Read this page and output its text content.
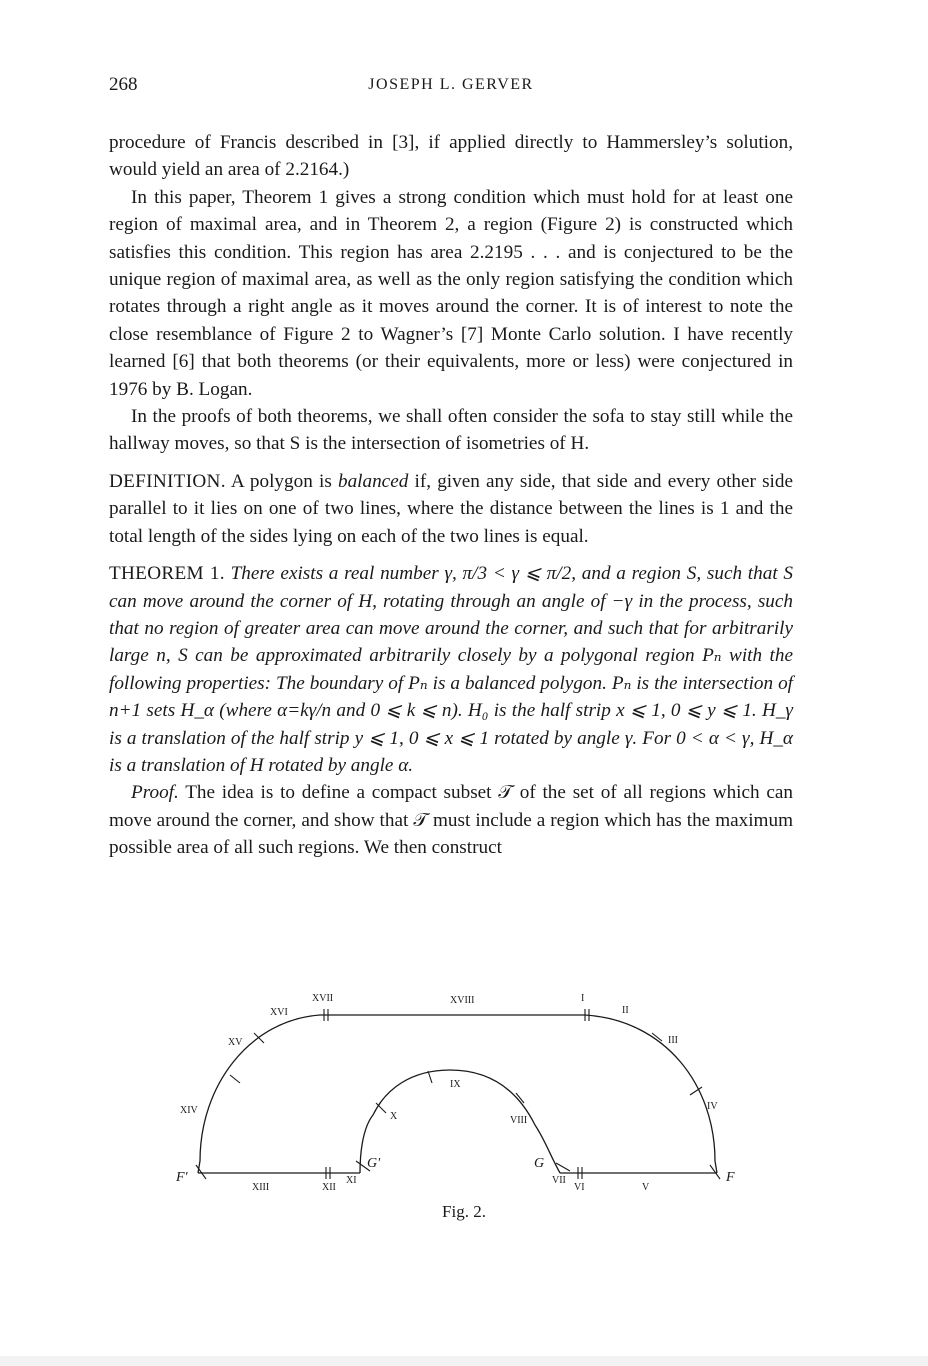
268	JOSEPH L. GERVER

procedure of Francis described in [3], if applied directly to Hammersley’s solution, would yield an area of 2.2164.)

In this paper, Theorem 1 gives a strong condition which must hold for at least one region of maximal area, and in Theorem 2, a region (Figure 2) is constructed which satisfies this condition. This region has area 2.2195 . . . and is conjectured to be the unique region of maximal area, as well as the only region satisfying the condition which rotates through a right angle as it moves around the corner. It is of interest to note the close resemblance of Figure 2 to Wagner’s [7] Monte Carlo solution. I have recently learned [6] that both theorems (or their equivalents, more or less) were conjectured in 1976 by B. Logan.

In the proofs of both theorems, we shall often consider the sofa to stay still while the hallway moves, so that S is the intersection of isometries of H.

DEFINITION. A polygon is balanced if, given any side, that side and every other side parallel to it lies on one of two lines, where the distance between the lines is 1 and the total length of the sides lying on each of the two lines is equal.

THEOREM 1. There exists a real number γ, π/3 < γ ⩽ π/2, and a region S, such that S can move around the corner of H, rotating through an angle of −γ in the process, such that no region of greater area can move around the corner, and such that for arbitrarily large n, S can be approximated arbitrarily closely by a polygonal region Pₙ with the following properties: The boundary of Pₙ is a balanced polygon. Pₙ is the intersection of n+1 sets H_α (where α=kγ/n and 0 ⩽ k ⩽ n). H₀ is the half strip x ⩽ 1, 0 ⩽ y ⩽ 1. H_γ is a translation of the half strip y ⩽ 1, 0 ⩽ x ⩽ 1 rotated by angle γ. For 0 < α < γ, H_α is a translation of H rotated by angle α.

Proof. The idea is to define a compact subset 𝒯 of the set of all regions which can move around the corner, and show that 𝒯 must include a region which has the maximum possible area of all such regions. We then construct

XVII
XVI
XVIII	I
II
XV	III
XIV	IV
IX
X	VIII
G'	G
F'	F
XIII	XII
XI	VII
VI	V
Fig. 2.
